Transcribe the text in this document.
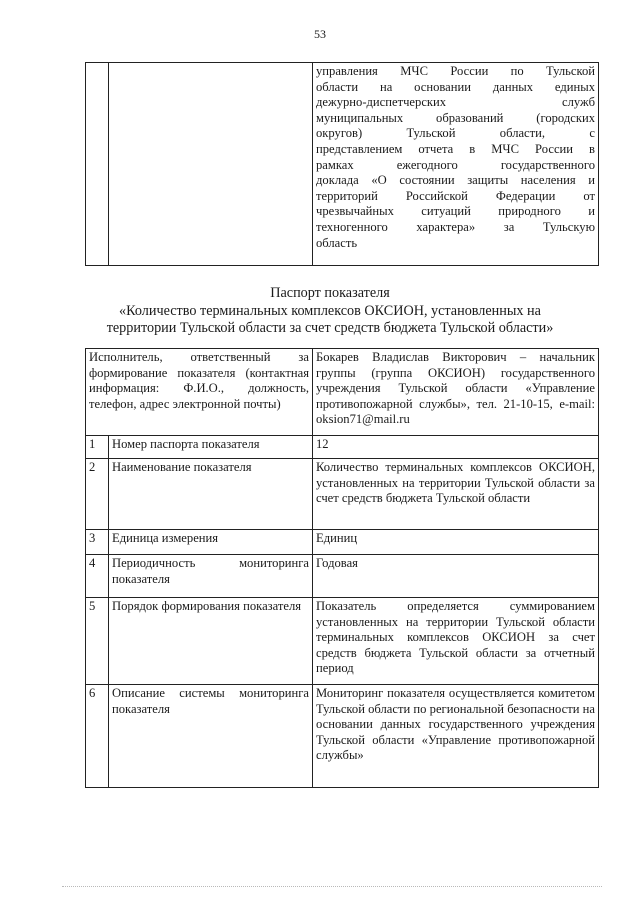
53

управления МЧС России по Тульской
области на основании данных единых
дежурно-диспетчерских служб
муниципальных образований (городских
округов) Тульской области, с
представлением отчета в МЧС России в
рамках ежегодного государственного
доклада «О состоянии защиты населения и
территорий Российской Федерации от
чрезвычайных ситуаций природного и
техногенного характера» за Тульскую
область
Паспорт показателя
«Количество терминальных комплексов ОКСИОН, установленных на
территории Тульской области за счет средств бюджета Тульской области»
Исполнитель, ответственный за формирование показателя (контактная информация: Ф.И.О., должность, телефон, адрес электронной почты)		Бокарев Владислав Викторович – начальник группы (группа ОКСИОН) государственного учреждения Тульской области «Управление противопожарной службы», тел. 21-10-15, e-mail: oksion71@mail.ru
1	Номер паспорта показателя	12
2	Наименование показателя	Количество терминальных комплексов ОКСИОН, установленных на территории Тульской области за счет средств бюджета Тульской области
3	Единица измерения	Единиц
4	Периодичность мониторинга показателя	Годовая
5	Порядок формирования показателя	Показатель определяется суммированием установленных на территории Тульской области терминальных комплексов ОКСИОН за счет средств бюджета Тульской области за отчетный период
6	Описание системы мониторинга показателя	Мониторинг показателя осуществляется комитетом Тульской области по региональной безопасности на основании данных государственного учреждения Тульской области «Управление противопожарной службы»
